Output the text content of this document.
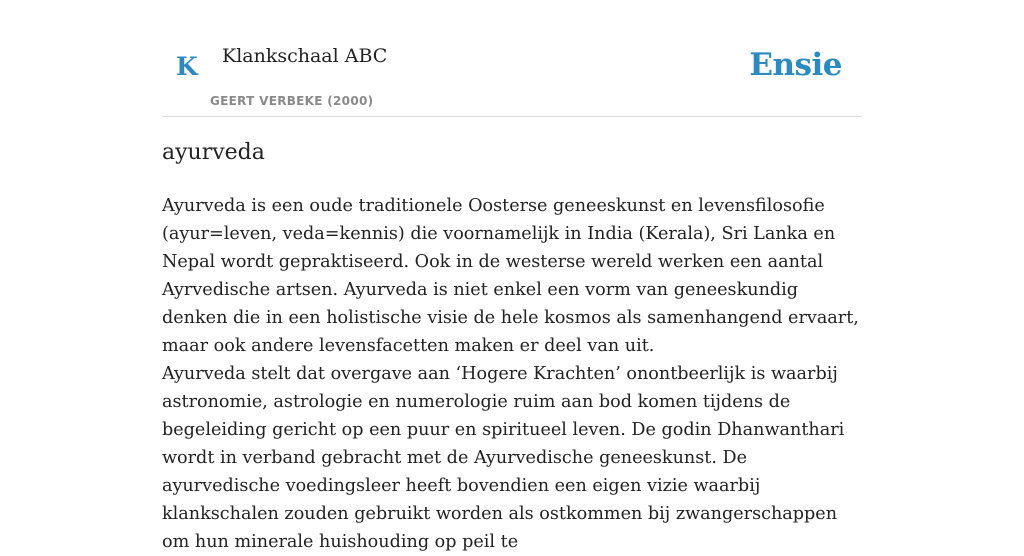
K Klankschaal ABC
GEERT VERBEKE (2000)
Ensie
ayurveda

Ayurveda is een oude traditionele Oosterse geneeskunst en levensfilosofie (ayur=leven, veda=kennis) die voornamelijk in India (Kerala), Sri Lanka en Nepal wordt gepraktiseerd. Ook in de westerse wereld werken een aantal Ayrvedische artsen. Ayurveda is niet enkel een vorm van geneeskundig denken die in een holistische visie de hele kosmos als samenhangend ervaart, maar ook andere levensfacetten maken er deel van uit.

Ayurveda stelt dat overgave aan ‘Hogere Krachten’ onontbeerlijk is waarbij astronomie, astrologie en numerologie ruim aan bod komen tijdens de begeleiding gericht op een puur en spiritueel leven. De godin Dhanwanthari wordt in verband gebracht met de Ayurvedische geneeskunst. De ayurvedische voedingsleer heeft bovendien een eigen vizie waarbij klankschalen zouden gebruikt worden als ostkommen bij zwangerschappen om hun minerale huishouding op peil te
